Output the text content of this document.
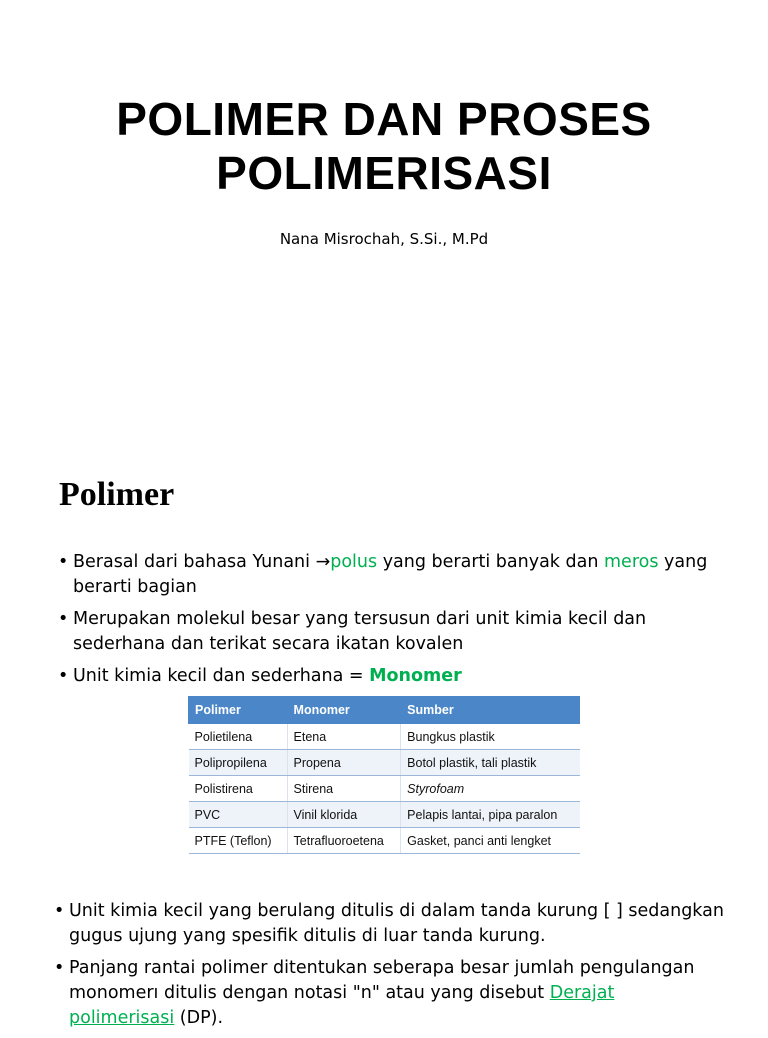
POLIMER DAN PROSES
POLIMERISASI
Nana Misrochah, S.Si., M.Pd
Polimer
• Berasal dari bahasa Yunani →polus yang berarti banyak dan meros yang berarti bagian
• Merupakan molekul besar yang tersusun dari unit kimia kecil dan sederhana dan terikat secara ikatan kovalen
• Unit kimia kecil dan sederhana = Monomer
Polimer	Monomer	Sumber
Polietilena	Etena	Bungkus plastik
Polipropilena	Propena	Botol plastik, tali plastik
Polistirena	Stirena	Styrofoam
PVC	Vinil klorida	Pelapis lantai, pipa paralon
PTFE (Teflon)	Tetrafluoroetena	Gasket, panci anti lengket
• Unit kimia kecil yang berulang ditulis di dalam tanda kurung [ ] sedangkan gugus ujung yang spesifik ditulis di luar tanda kurung.
• Panjang rantai polimer ditentukan seberapa besar jumlah pengulangan monomerı ditulis dengan notasi "n" atau yang disebut Derajat polimerisasi (DP).
